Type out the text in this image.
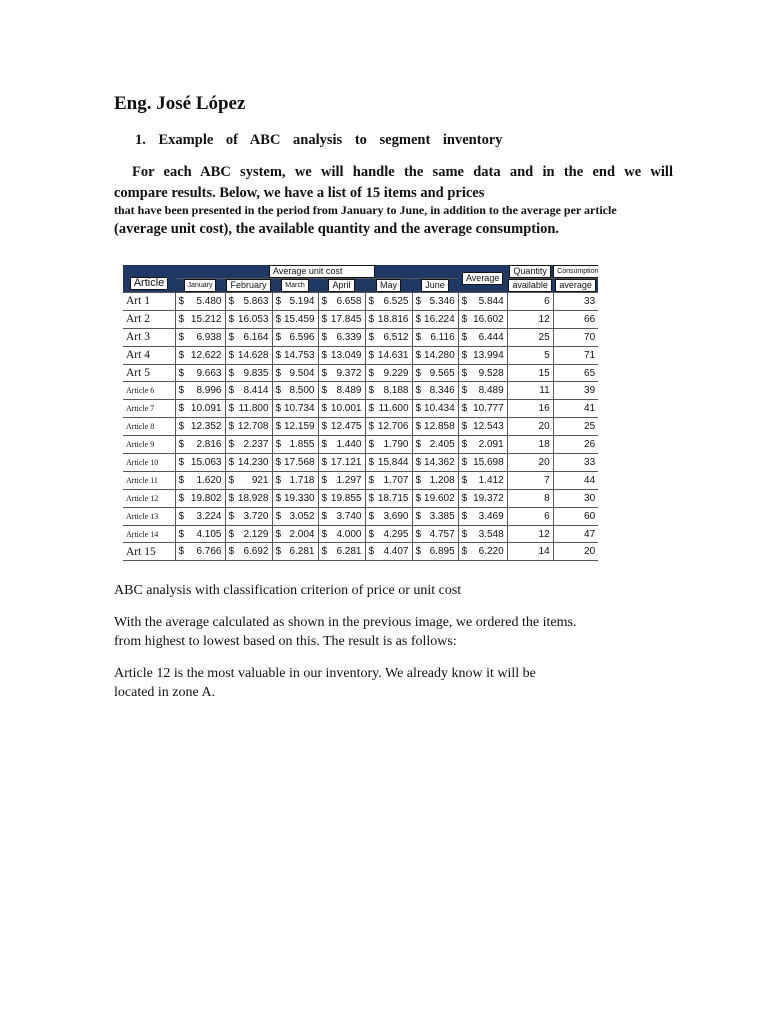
Eng. José López

1. Example of ABC analysis to segment inventory

For each ABC system, we will handle the same data and in the end we will

compare results. Below, we have a list of 15 items and prices

that have been presented in the period from January to June, in addition to the average per article

(average unit cost), the available quantity and the average consumption.

Article	Average unit cost												Average		Quantity	Consumption
	January		February		March		April		May		June				available	average
Art 1	$	5.480	$	5.863	$	5.194	$	6.658	$	6.525	$	5.346	$	5.844	6	33
Art 2	$	15.212	$	16.053	$	15.459	$	17.845	$	18.816	$	16.224	$	16.602	12	66
Art 3	$	6.938	$	6.164	$	6.596	$	6.339	$	6.512	$	6.116	$	6.444	25	70
Art 4	$	12.622	$	14.628	$	14.753	$	13.049	$	14.631	$	14.280	$	13.994	5	71
Art 5	$	9.663	$	9.835	$	9.504	$	9.372	$	9.229	$	9.565	$	9.528	15	65
Article 6	$	8.996	$	8.414	$	8.500	$	8.489	$	8.188	$	8.346	$	8.489	11	39
Article 7	$	10.091	$	11.800	$	10.734	$	10.001	$	11.600	$	10.434	$	10.777	16	41
Article 8	$	12.352	$	12.708	$	12.159	$	12.475	$	12.706	$	12.858	$	12.543	20	25
Article 9	$	2.816	$	2.237	$	1.855	$	1.440	$	1.790	$	2.405	$	2.091	18	26
Article 10	$	15.063	$	14.230	$	17.568	$	17.121	$	15.844	$	14.362	$	15.698	20	33
Article 11	$	1.620	$	921	$	1.718	$	1.297	$	1.707	$	1.208	$	1.412	7	44
Article 12	$	19.802	$	18.928	$	19.330	$	19.855	$	18.715	$	19.602	$	19.372	8	30
Article 13	$	3.224	$	3.720	$	3.052	$	3.740	$	3.690	$	3.385	$	3.469	6	60
Article 14	$	4.105	$	2.129	$	2.004	$	4.000	$	4.295	$	4.757	$	3.548	12	47
Art 15	$	6.766	$	6.692	$	6.281	$	6.281	$	4.407	$	6.895	$	6.220	14	20

ABC analysis with classification criterion of price or unit cost

With the average calculated as shown in the previous image, we ordered the items.
from highest to lowest based on this. The result is as follows:

Article 12 is the most valuable in our inventory. We already know it will be
located in zone A.
